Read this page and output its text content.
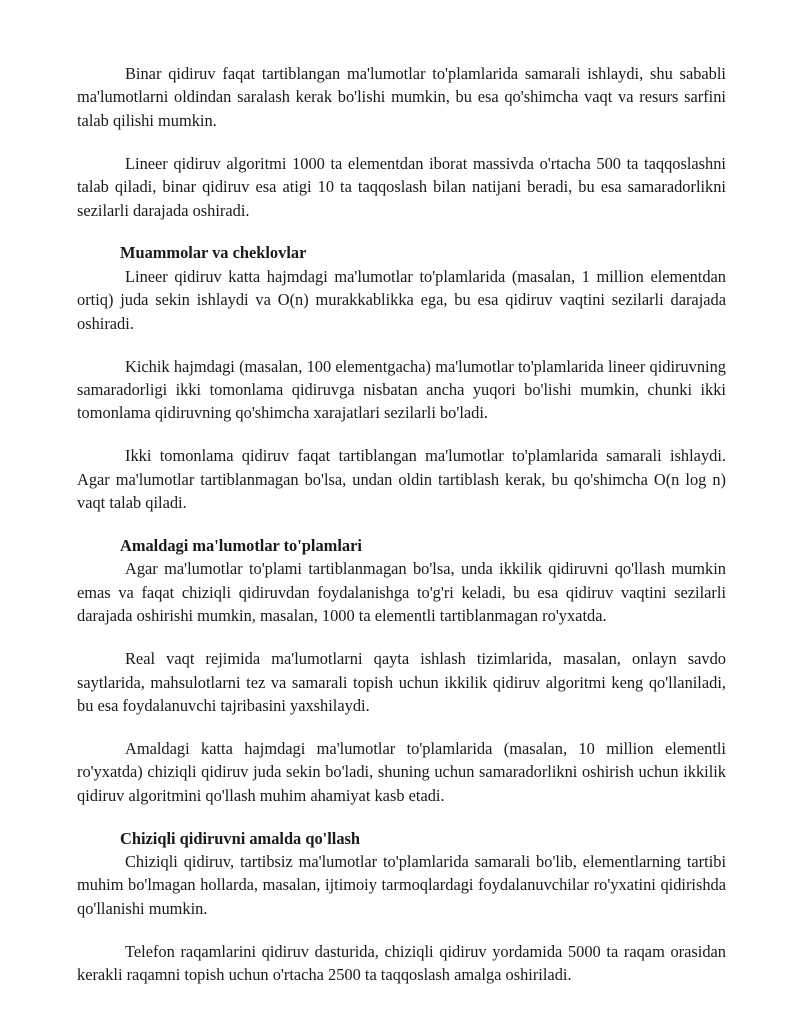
Binar qidiruv faqat tartiblangan ma'lumotlar to'plamlarida samarali ishlaydi, shu sababli ma'lumotlarni oldindan saralash kerak bo'lishi mumkin, bu esa qo'shimcha vaqt va resurs sarfini talab qilishi mumkin.

Lineer qidiruv algoritmi 1000 ta elementdan iborat massivda o'rtacha 500 ta taqqoslashni talab qiladi, binar qidiruv esa atigi 10 ta taqqoslash bilan natijani beradi, bu esa samaradorlikni sezilarli darajada oshiradi.

Muammolar va cheklovlar

Lineer qidiruv katta hajmdagi ma'lumotlar to'plamlarida (masalan, 1 million elementdan ortiq) juda sekin ishlaydi va O(n) murakkablikka ega, bu esa qidiruv vaqtini sezilarli darajada oshiradi.

Kichik hajmdagi (masalan, 100 elementgacha) ma'lumotlar to'plamlarida lineer qidiruvning samaradorligi ikki tomonlama qidiruvga nisbatan ancha yuqori bo'lishi mumkin, chunki ikki tomonlama qidiruvning qo'shimcha xarajatlari sezilarli bo'ladi.

Ikki tomonlama qidiruv faqat tartiblangan ma'lumotlar to'plamlarida samarali ishlaydi. Agar ma'lumotlar tartiblanmagan bo'lsa, undan oldin tartiblash kerak, bu qo'shimcha O(n log n) vaqt talab qiladi.

Amaldagi ma'lumotlar to'plamlari

Agar ma'lumotlar to'plami tartiblanmagan bo'lsa, unda ikkilik qidiruvni qo'llash mumkin emas va faqat chiziqli qidiruvdan foydalanishga to'g'ri keladi, bu esa qidiruv vaqtini sezilarli darajada oshirishi mumkin, masalan, 1000 ta elementli tartiblanmagan ro'yxatda.

Real vaqt rejimida ma'lumotlarni qayta ishlash tizimlarida, masalan, onlayn savdo saytlarida, mahsulotlarni tez va samarali topish uchun ikkilik qidiruv algoritmi keng qo'llaniladi, bu esa foydalanuvchi tajribasini yaxshilaydi.

Amaldagi katta hajmdagi ma'lumotlar to'plamlarida (masalan, 10 million elementli ro'yxatda) chiziqli qidiruv juda sekin bo'ladi, shuning uchun samaradorlikni oshirish uchun ikkilik qidiruv algoritmini qo'llash muhim ahamiyat kasb etadi.

Chiziqli qidiruvni amalda qo'llash

Chiziqli qidiruv, tartibsiz ma'lumotlar to'plamlarida samarali bo'lib, elementlarning tartibi muhim bo'lmagan hollarda, masalan, ijtimoiy tarmoqlardagi foydalanuvchilar ro'yxatini qidirishda qo'llanishi mumkin.

Telefon raqamlarini qidiruv dasturida, chiziqli qidiruv yordamida 5000 ta raqam orasidan kerakli raqamni topish uchun o'rtacha 2500 ta taqqoslash amalga oshiriladi.
